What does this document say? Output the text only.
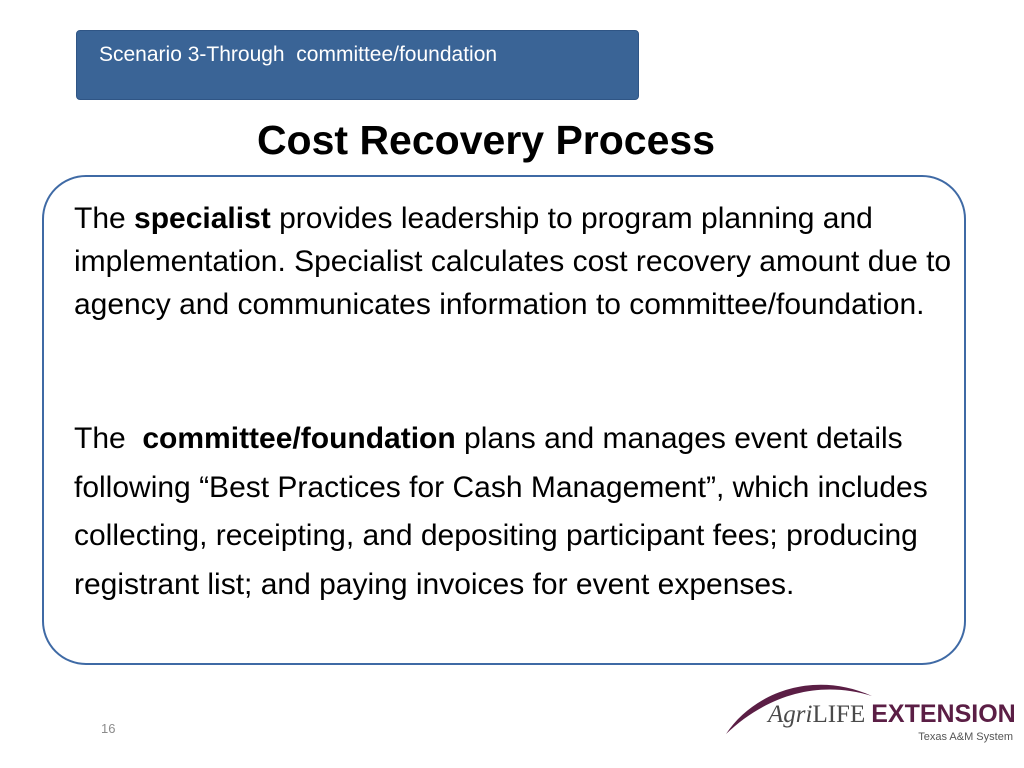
Scenario 3-Through  committee/foundation
Cost Recovery Process
The specialist provides leadership to program planning and implementation. Specialist calculates cost recovery amount due to agency and communicates information to committee/foundation.
The  committee/foundation plans and manages event details following “Best Practices for Cash Management”, which includes collecting, receipting, and depositing participant fees; producing registrant list; and paying invoices for event expenses.
16
AgriLIFE EXTENSION
Texas A&M System
